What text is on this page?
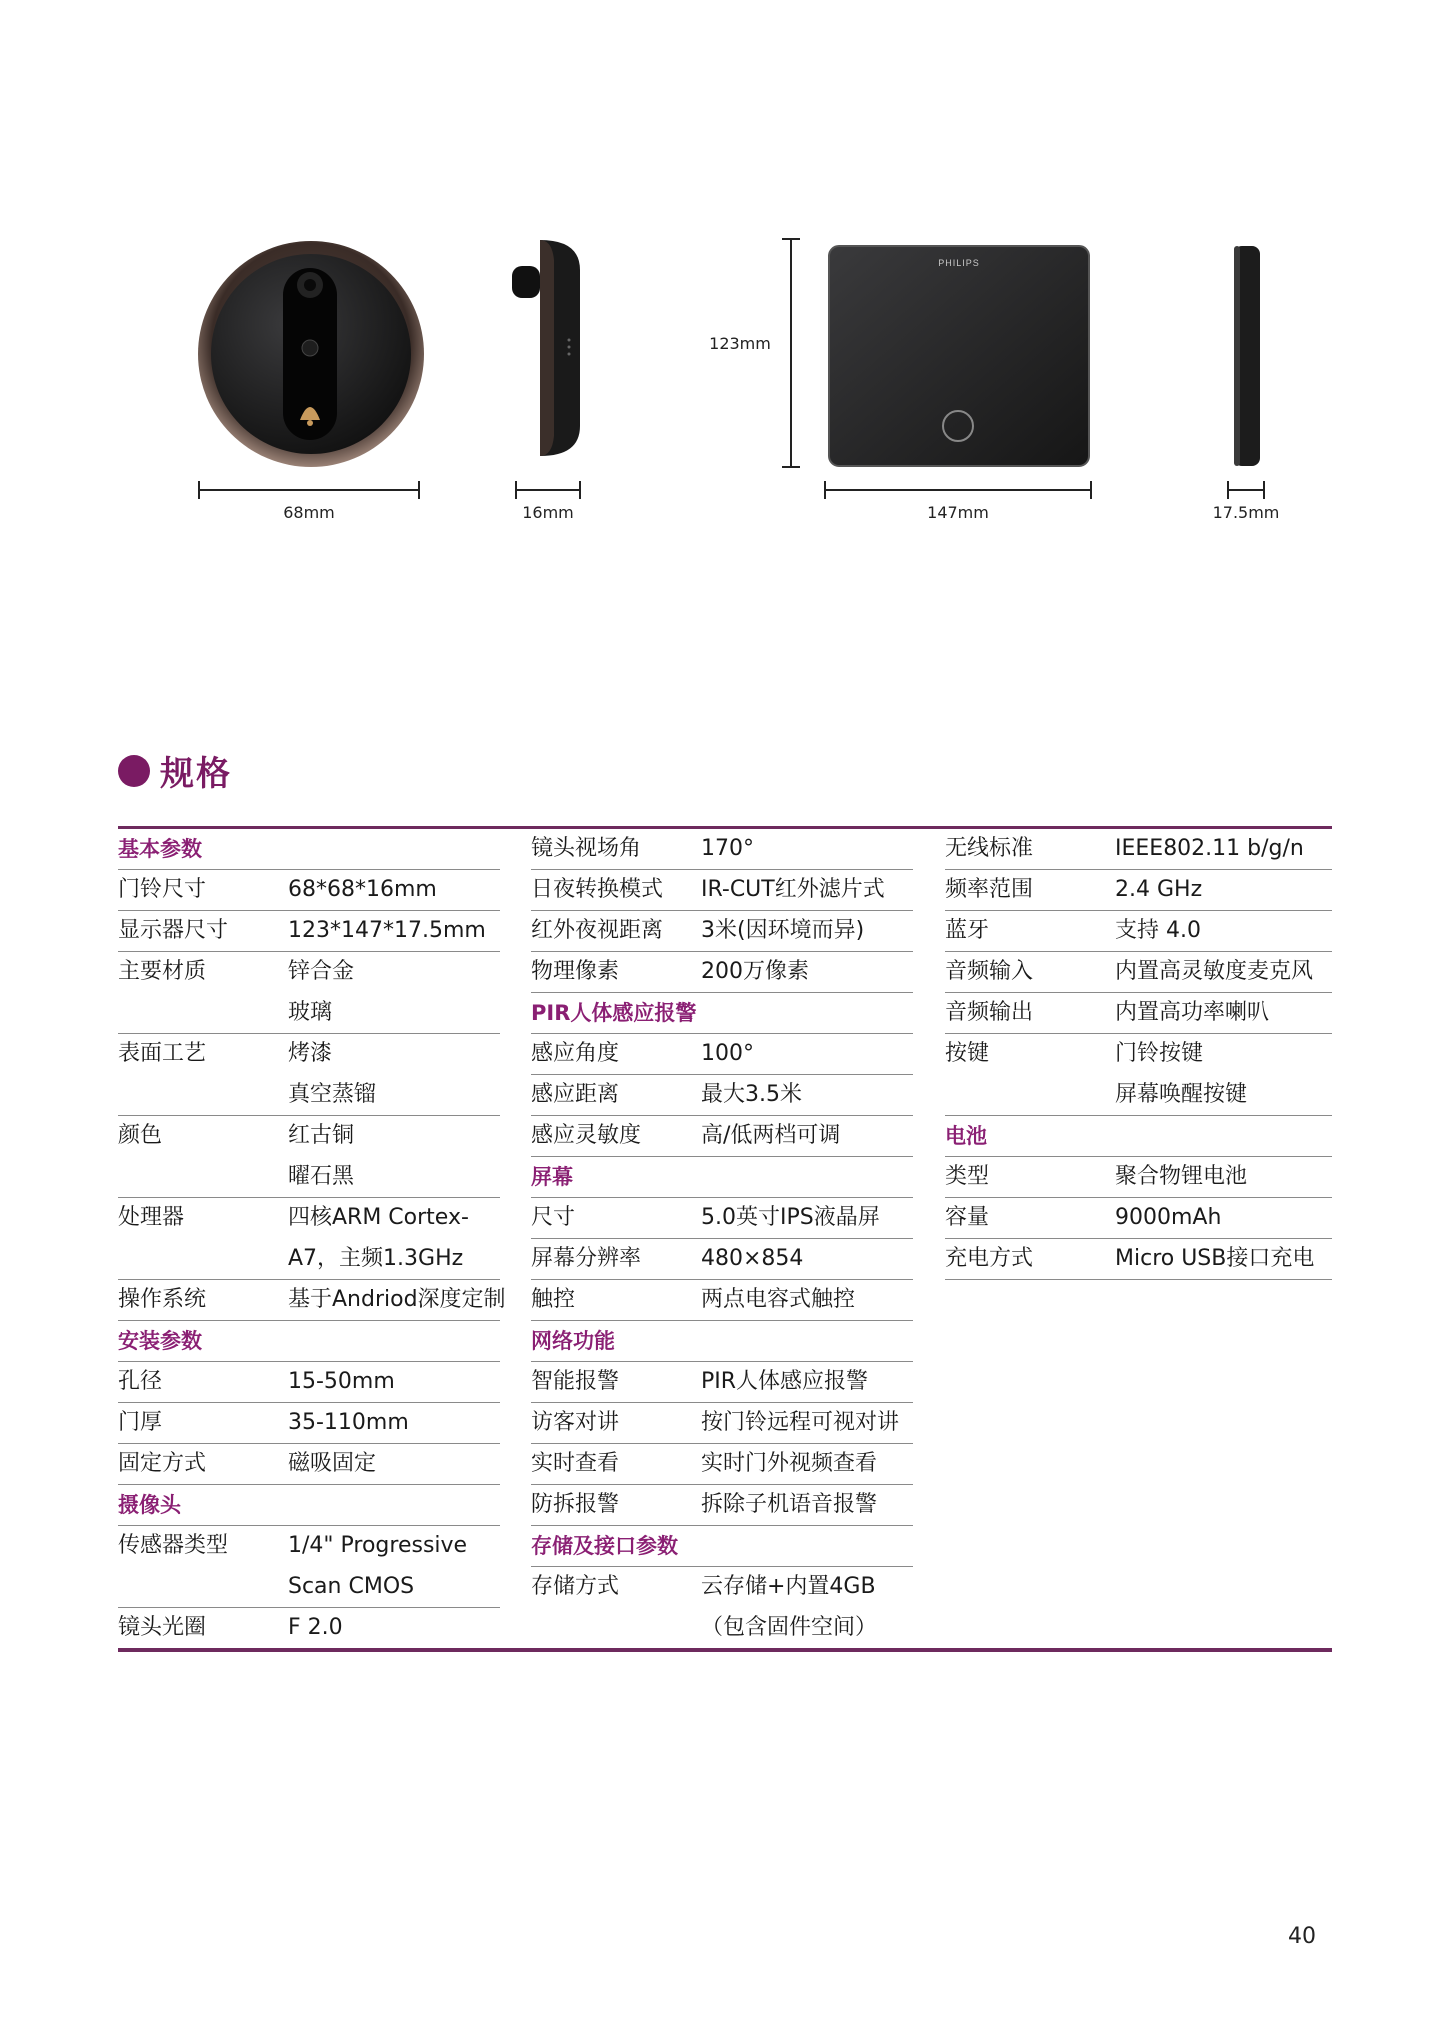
PHILIPS
123mm
68mm	16mm	147mm	17.5mm
规格
基本参数
门铃尺寸	68*68*16mm
显示器尺寸	123*147*17.5mm
主要材质	锌合金
玻璃
表面工艺	烤漆
真空蒸镏
颜色	红古铜
曜石黑
处理器	四核ARM Cortex-
A7，主频1.3GHz
操作系统	基于Andriod深度定制
安装参数
孔径	15-50mm
门厚	35-110mm
固定方式	磁吸固定
摄像头
传感器类型	1/4" Progressive
Scan CMOS
镜头光圈	F 2.0
镜头视场角	170°
日夜转换模式 IR-CUT红外滤片式
红外夜视距离 3米(因环境而异)
物理像素	200万像素
PIR人体感应报警
感应角度	100°
感应距离	最大3.5米
感应灵敏度	高/低两档可调
屏幕
尺寸	5.0英寸IPS液晶屏
屏幕分辨率	480×854
触控	两点电容式触控
网络功能
智能报警	PIR人体感应报警
访客对讲	按门铃远程可视对讲
实时查看	实时门外视频查看
防拆报警	拆除子机语音报警
存储及接口参数
存储方式	云存储+内置4GB
（包含固件空间）
无线标准	IEEE802.11 b/g/n
频率范围	2.4 GHz
蓝牙	支持 4.0
音频输入	内置高灵敏度麦克风
音频输出	内置高功率喇叭
按键	门铃按键
屏幕唤醒按键
电池
类型	聚合物锂电池
容量	9000mAh
充电方式	Micro USB接口充电
40
